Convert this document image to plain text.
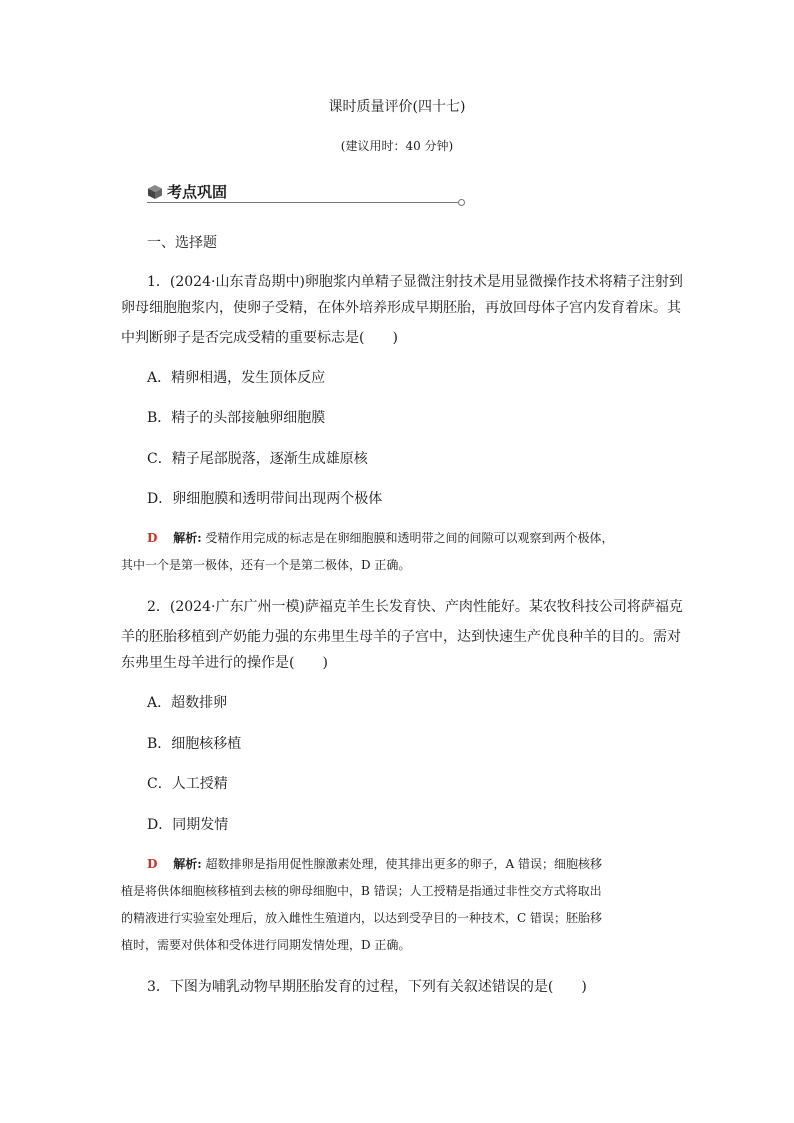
课时质量评价(四十七)
(建议用时：40 分钟)
考点巩固
一、选择题
1．(2024·山东青岛期中)卵胞浆内单精子显微注射技术是用显微操作技术将精子注射到
卵母细胞胞浆内，使卵子受精，在体外培养形成早期胚胎，再放回母体子宫内发育着床。其
中判断卵子是否完成受精的重要标志是(　　)
A．精卵相遇，发生顶体反应
B．精子的头部接触卵细胞膜
C．精子尾部脱落，逐渐生成雄原核
D．卵细胞膜和透明带间出现两个极体
D 解析: 受精作用完成的标志是在卵细胞膜和透明带之间的间隙可以观察到两个极体，
其中一个是第一极体，还有一个是第二极体，D 正确。
2．(2024·广东广州一模)萨福克羊生长发育快、产肉性能好。某农牧科技公司将萨福克
羊的胚胎移植到产奶能力强的东弗里生母羊的子宫中，达到快速生产优良种羊的目的。需对
东弗里生母羊进行的操作是(　　)
A．超数排卵
B．细胞核移植
C．人工授精
D．同期发情
D 解析: 超数排卵是指用促性腺激素处理，使其排出更多的卵子，A 错误；细胞核移
植是将供体细胞核移植到去核的卵母细胞中，B 错误；人工授精是指通过非性交方式将取出
的精液进行实验室处理后，放入雌性生殖道内，以达到受孕目的一种技术，C 错误；胚胎移
植时，需要对供体和受体进行同期发情处理，D 正确。
3．下图为哺乳动物早期胚胎发育的过程，下列有关叙述错误的是(　　)
